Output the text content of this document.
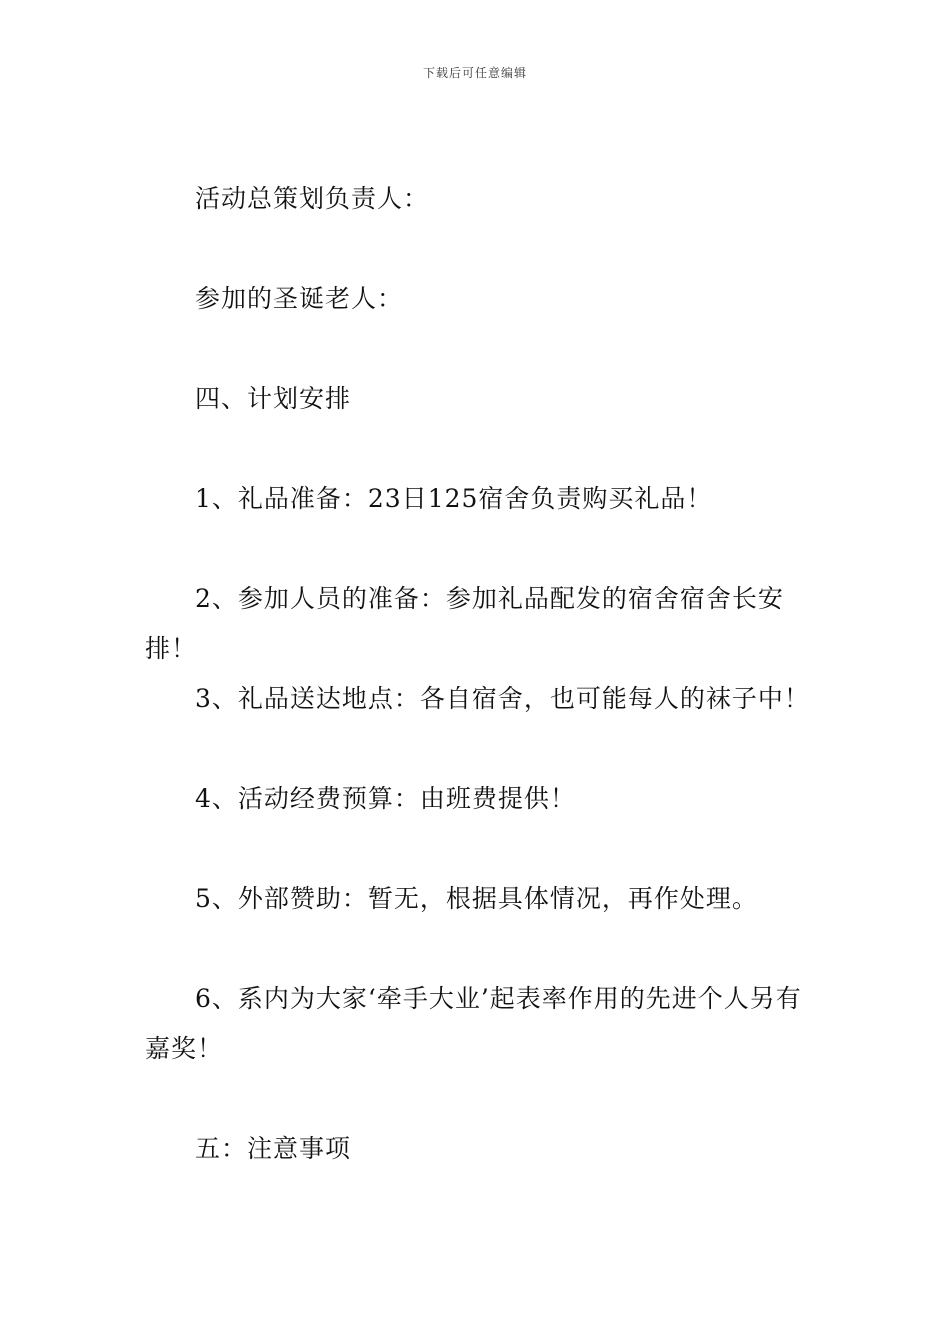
下载后可任意编辑
活动总策划负责人：
参加的圣诞老人：
四、计划安排
1、礼品准备：23日125宿舍负责购买礼品！
2、参加人员的准备：参加礼品配发的宿舍宿舍长安排！
3、礼品送达地点：各自宿舍，也可能每人的袜子中！
4、活动经费预算：由班费提供！
5、外部赞助：暂无，根据具体情况，再作处理。
6、系内为大家‘牵手大业’起表率作用的先进个人另有嘉奖！
五：注意事项
